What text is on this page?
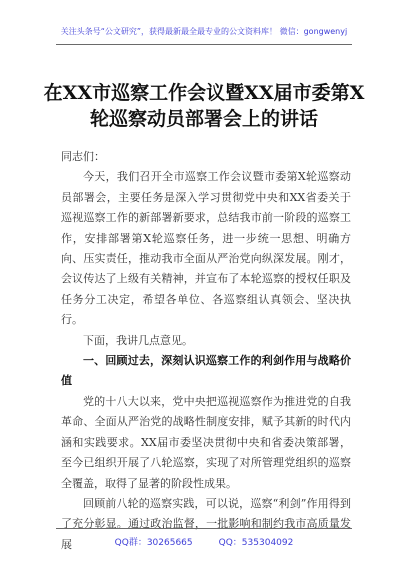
关注头条号“公文研究”，获得最新最全最专业的公文资料库！ 微信：gongwenyj
在XX市巡察工作会议暨XX届市委第X
轮巡察动员部署会上的讲话

同志们：

今天，我们召开全市巡察工作会议暨市委第X轮巡察动员部署会，主要任务是深入学习贯彻党中央和XX省委关于巡视巡察工作的新部署新要求，总结我市前一阶段的巡察工作，安排部署第X轮巡察任务，进一步统一思想、明确方向、压实责任，推动我市全面从严治党向纵深发展。刚才，会议传达了上级有关精神，并宣布了本轮巡察的授权任职及任务分工决定，希望各单位、各巡察组认真领会、坚决执行。

下面，我讲几点意见。

一、回顾过去，深刻认识巡察工作的利剑作用与战略价值

党的十八大以来，党中央把巡视巡察作为推进党的自我革命、全面从严治党的战略性制度安排，赋予其新的时代内涵和实践要求。XX届市委坚决贯彻中央和省委决策部署，至今已组织开展了八轮巡察，实现了对所管理党组织的巡察全覆盖，取得了显著的阶段性成果。

回顾前八轮的巡察实践，可以说，巡察“利剑”作用得到了充分彰显。通过政治监督，一批影响和制约我市高质量发展	QQ群：30265665	QQ：535304092
